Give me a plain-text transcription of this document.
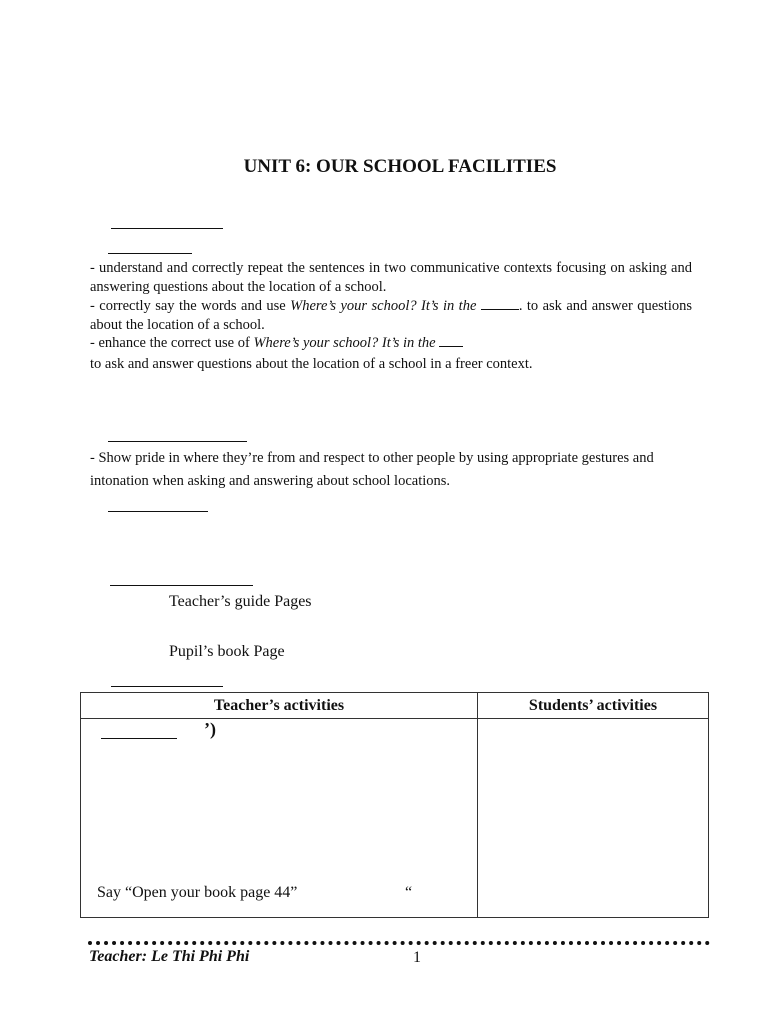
UNIT 6: OUR SCHOOL FACILITIES
- understand and correctly repeat the sentences in two communicative contexts focusing on asking and answering questions about the location of a school.
- correctly say the words and use Where’s your school? It’s in the	. to ask and answer questions about the location of a school.
- enhance the correct use of Where’s your school? It’s in the
to ask and answer questions about the location of a school in a freer context.
- Show pride in where they’re from and respect to other people by using appropriate gestures and intonation when asking and answering about school locations.
Teacher’s guide Pages
Pupil’s book Page
Teacher’s activities	Students’ activities

’)
Say “Open your book page 44” “	

Teacher: Le Thi Phi Phi	1
